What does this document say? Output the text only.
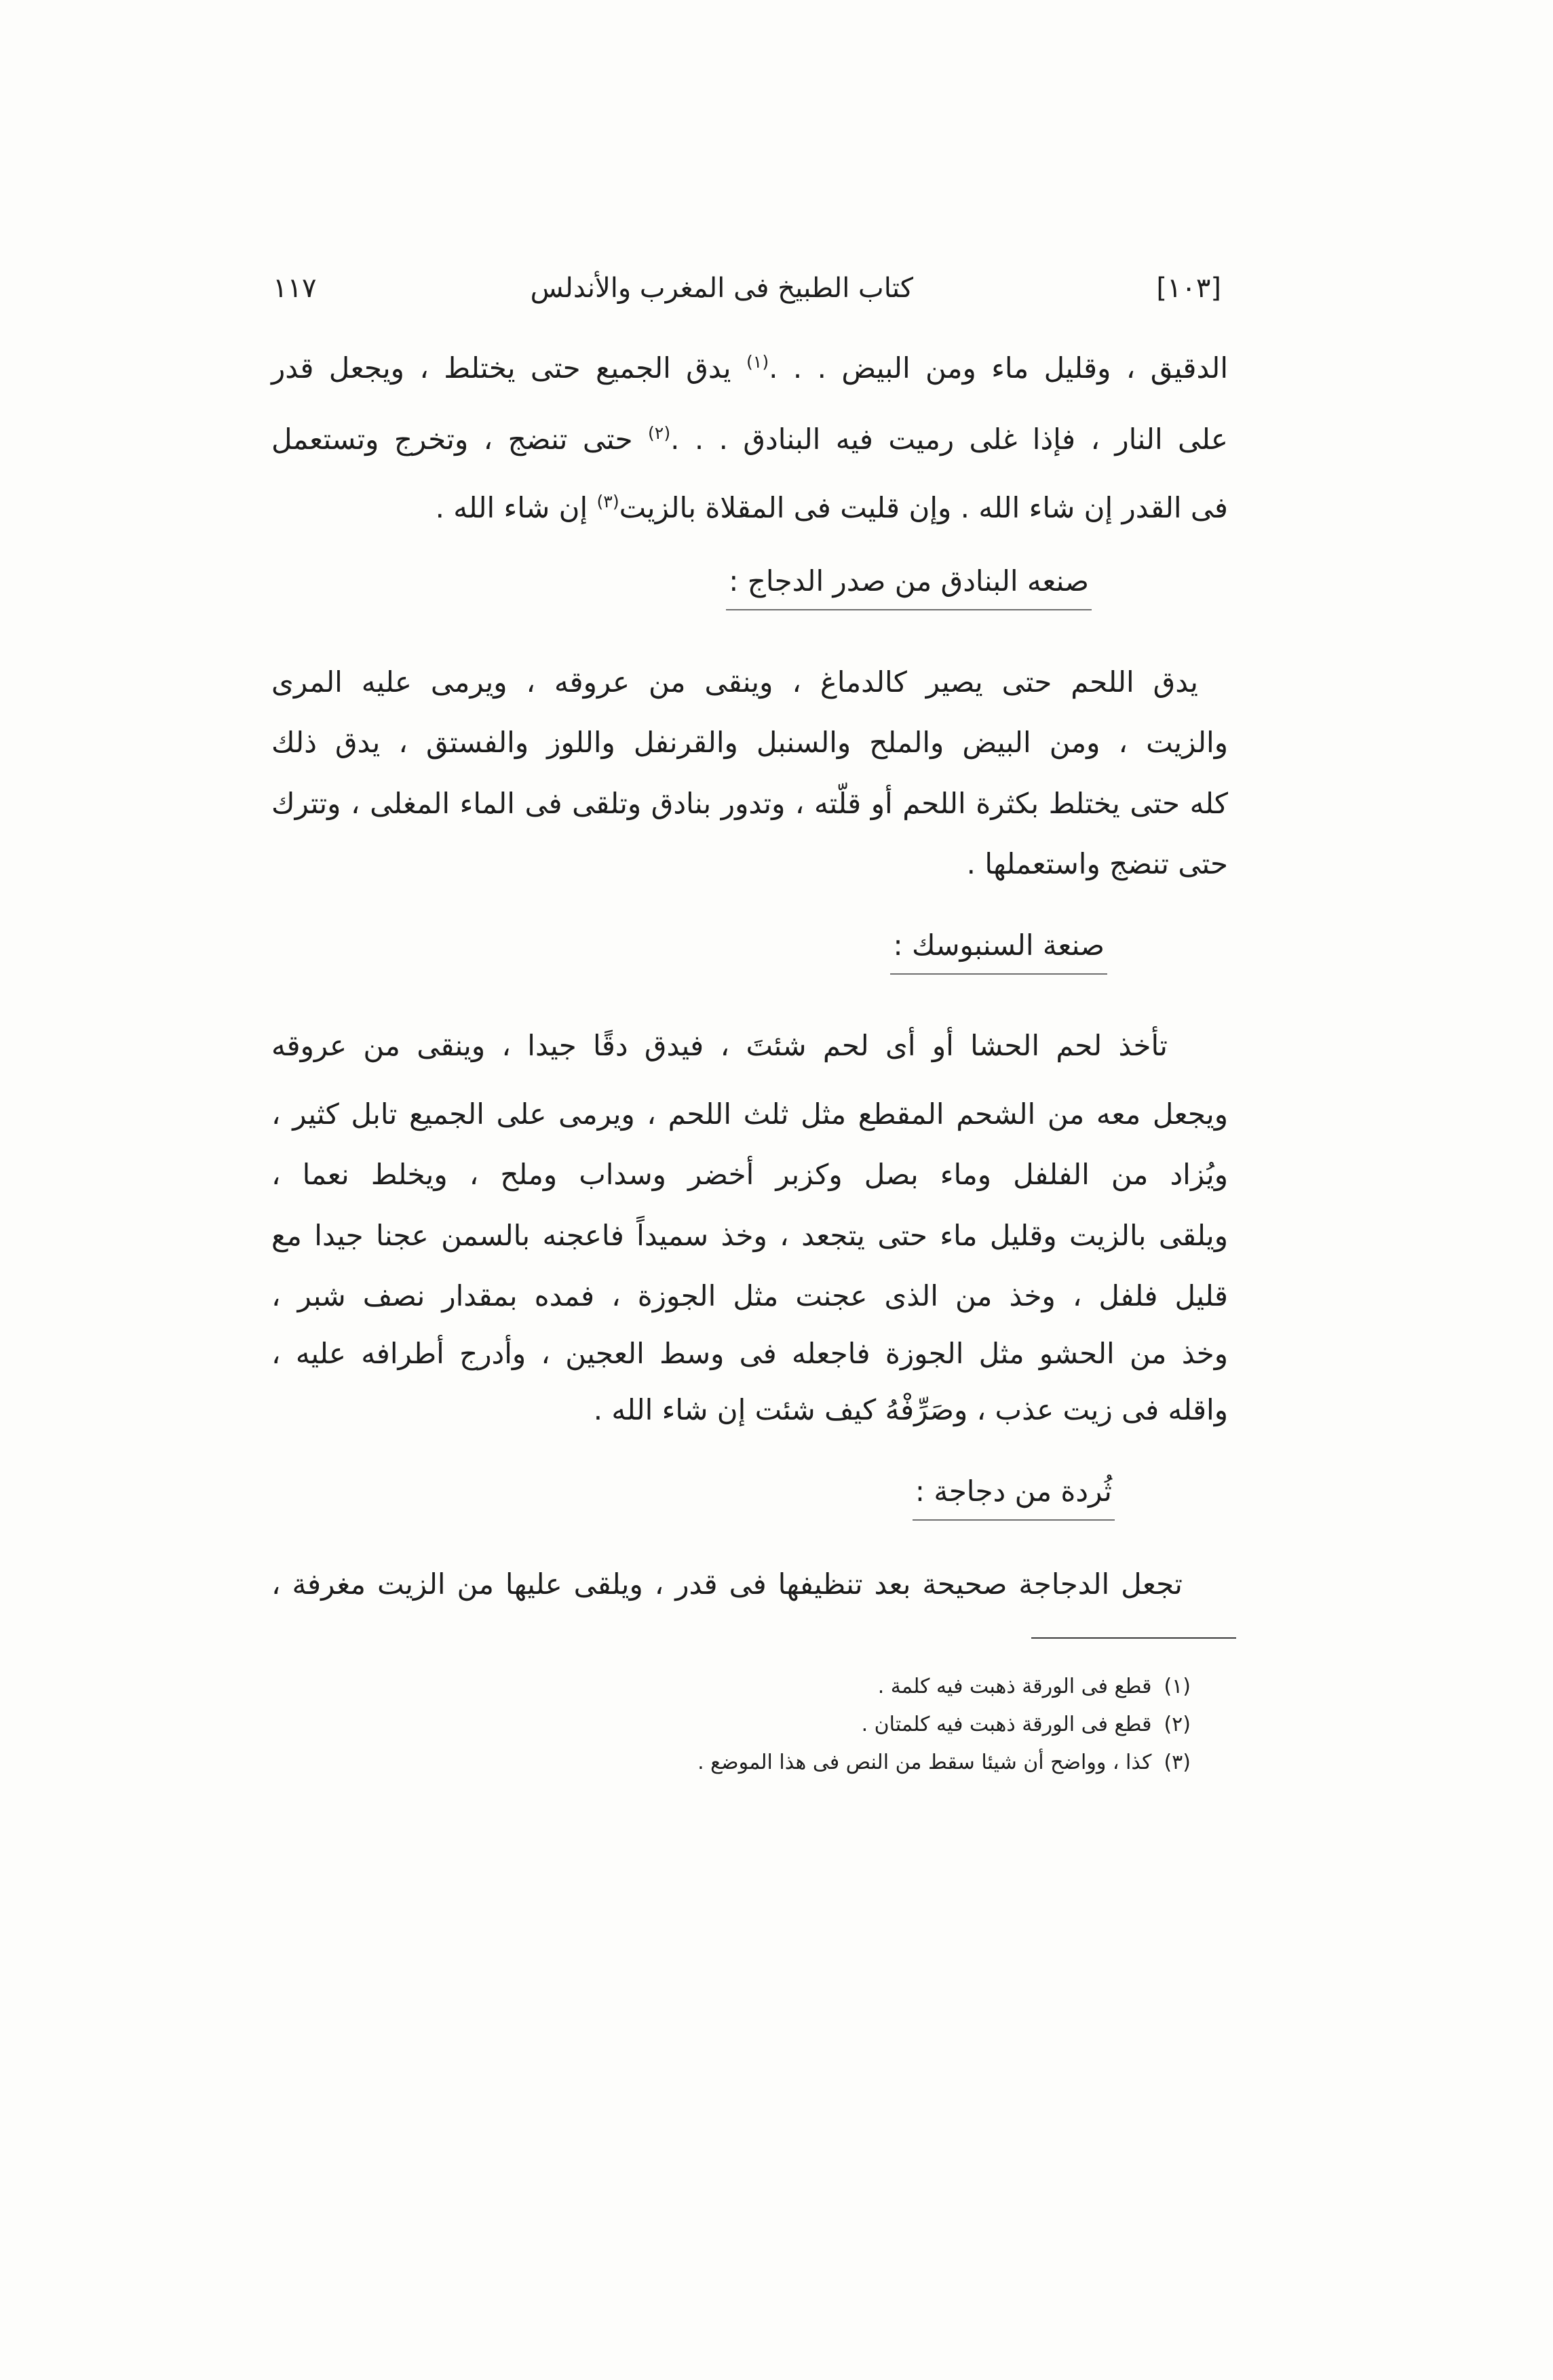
١١٧	كتاب الطبيخ فى المغرب والأندلس	[١٠٣]
الدقيق ، وقليل ماء ومن البيض . . .$^{(١)}$ يدق الجميع حتى يختلط ، ويجعل قدر
على النار ، فإذا غلى رميت فيه البنادق . . .$^{(٢)}$ حتى تنضج ، وتخرج وتستعمل
فى القدر إن شاء الله . وإن قليت فى المقلاة بالزيت$^{(٣)}$ إن شاء الله .
صنعه البنادق من صدر الدجاج :
يدق اللحم حتى يصير كالدماغ ، وينقى من عروقه ، ويرمى عليه المرى
والزيت ، ومن البيض والملح والسنبل والقرنفل واللوز والفستق ، يدق ذلك
كله حتى يختلط بكثرة اللحم أو قلّته ، وتدور بنادق وتلقى فى الماء المغلى ، وتترك
حتى تنضج واستعملها .
صنعة السنبوسك :
تأخذ لحم الحشا أو أى لحم شئتَ ، فيدق دقًا جيدا ، وينقى من عروقه
ويجعل معه من الشحم المقطع مثل ثلث اللحم ، ويرمى على الجميع تابل كثير ،
ويُزاد من الفلفل وماء بصل وكزبر أخضر وسداب وملح ، ويخلط نعما ،
ويلقى بالزيت وقليل ماء حتى يتجعد ، وخذ سميداً فاعجنه بالسمن عجنا جيدا مع
قليل فلفل ، وخذ من الذى عجنت مثل الجوزة ، فمده بمقدار نصف شبر ،
وخذ من الحشو مثل الجوزة فاجعله فى وسط العجين ، وأدرج أطرافه عليه ،
واقله فى زيت عذب ، وصَرِّفْهُ كيف شئت إن شاء الله .
ثُردة من دجاجة :
تجعل الدجاجة صحيحة بعد تنظيفها فى قدر ، ويلقى عليها من الزيت مغرفة ،
(١)قطع فى الورقة ذهبت فيه كلمة .
(٢)قطع فى الورقة ذهبت فيه كلمتان .
(٣)كذا ، وواضح أن شيئا سقط من النص فى هذا الموضع .
